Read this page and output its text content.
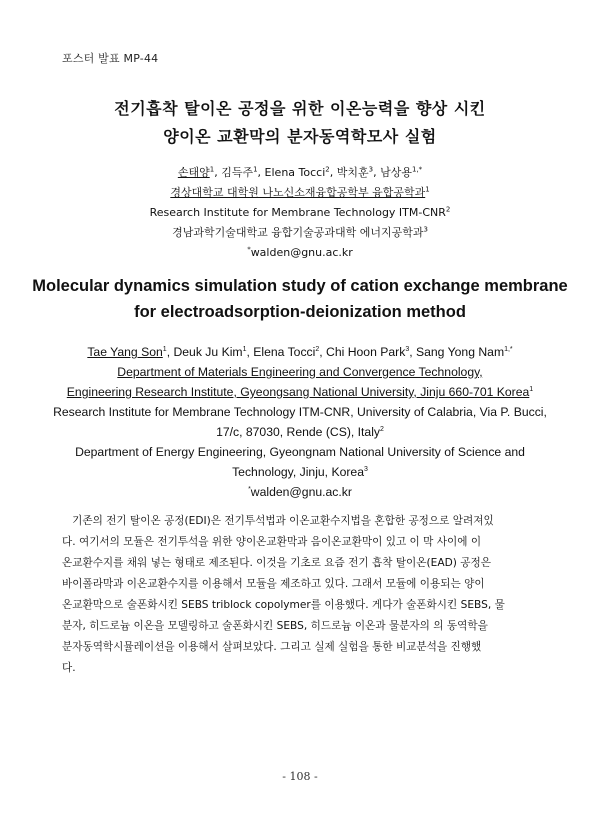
포스터 발표 MP-44
전기흡착 탈이온 공정을 위한 이온능력을 향상 시킨
양이온 교환막의 분자동역학모사 실험
손태양$^1$, 김득주$^1$, Elena Tocci$^2$, 박치훈$^3$, 남상용$^{1,*}$
경상대학교 대학원 나노신소재융합공학부 융합공학과$^1$
Research Institute for Membrane Technology ITM-CNR$^2$
경남과학기술대학교 융합기술공과대학 에너지공학과$^3$
*walden@gnu.ac.kr
Molecular dynamics simulation study of cation exchange membrane
for electroadsorption-deionization method
Tae Yang Son$^1$, Deuk Ju Kim$^1$, Elena Tocci$^2$, Chi Hoon Park$^3$, Sang Yong Nam$^{1,*}$
Department of Materials Engineering and Convergence Technology,
Engineering Research Institute, Gyeongsang National University, Jinju 660-701 Korea$^1$
Research Institute for Membrane Technology ITM-CNR, University of Calabria, Via P. Bucci,
17/c, 87030, Rende (CS), Italy$^2$
Department of Energy Engineering, Gyeongnam National University of Science and
Technology, Jinju, Korea$^3$
*walden@gnu.ac.kr
기존의 전기 탈이온 공정(EDI)은 전기투석법과 이온교환수지법을 혼합한 공정으로 알려져있
다. 여기서의 모듈은 전기투석을 위한 양이온교환막과 음이온교환막이 있고 이 막 사이에 이
온교환수지를 채워 넣는 형태로 제조된다. 이것을 기초로 요즘 전기 흡착 탈이온(EAD) 공정은
바이폴라막과 이온교환수지를 이용해서 모듈을 제조하고 있다. 그래서 모듈에 이용되는 양이
온교환막으로 술폰화시킨 SEBS triblock copolymer를 이용했다. 게다가 술폰화시킨 SEBS, 물
분자, 히드로늄 이온을 모델링하고 술폰화시킨 SEBS, 히드로늄 이온과 물분자의 의 동역학을
분자동역학시뮬레이션을 이용해서 살펴보았다. 그리고 실제 실험을 통한 비교분석을 진행했
다.
- 108 -
